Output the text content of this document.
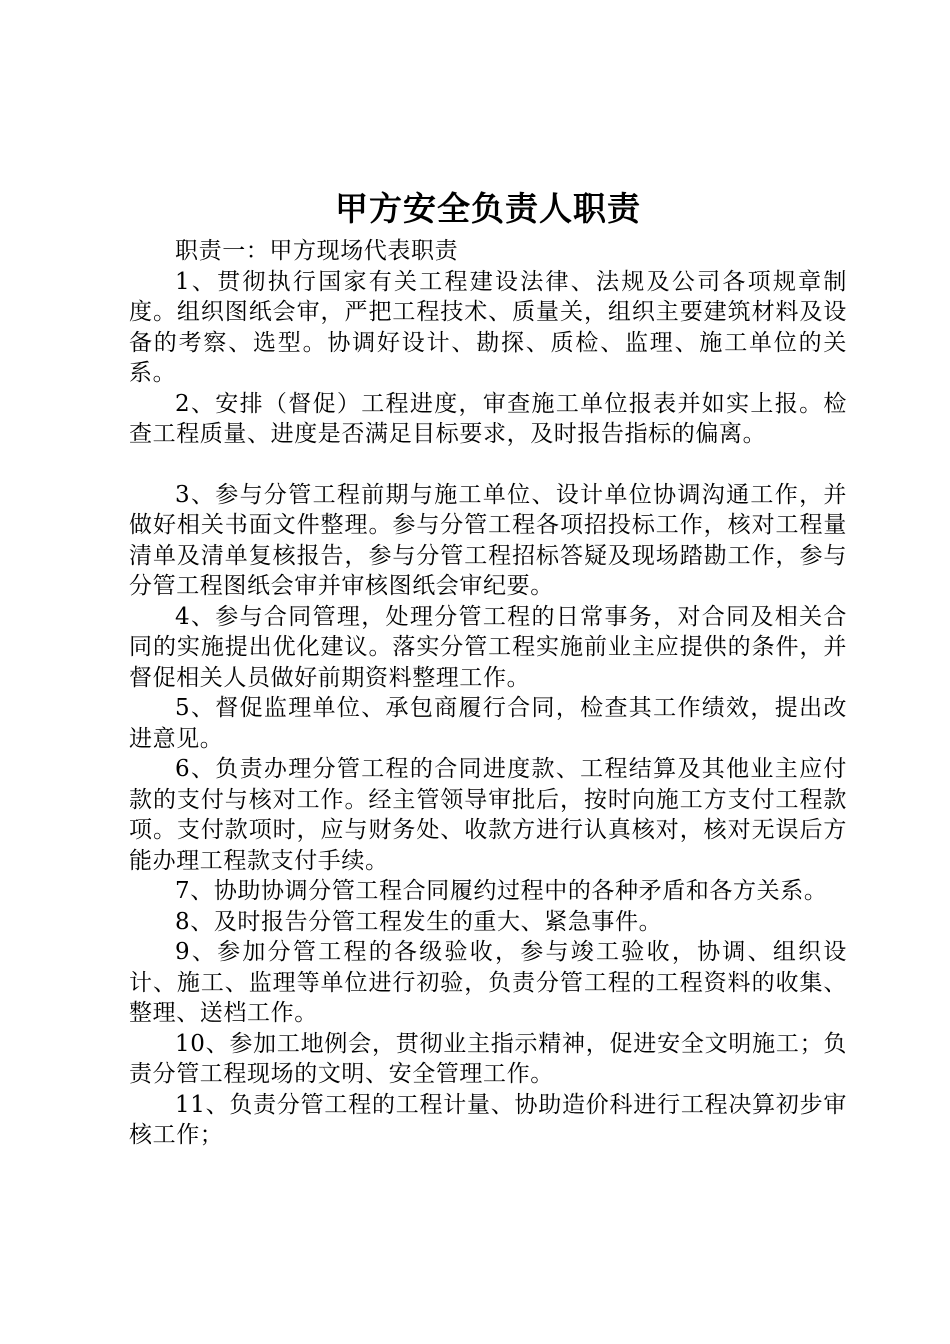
甲方安全负责人职责

职责一：甲方现场代表职责

1、贯彻执行国家有关工程建设法律、法规及公司各项规章制度。组织图纸会审，严把工程技术、质量关，组织主要建筑材料及设备的考察、选型。协调好设计、勘探、质检、监理、施工单位的关系。

2、安排（督促）工程进度，审查施工单位报表并如实上报。检查工程质量、进度是否满足目标要求，及时报告指标的偏离。

3、参与分管工程前期与施工单位、设计单位协调沟通工作，并做好相关书面文件整理。参与分管工程各项招投标工作，核对工程量清单及清单复核报告，参与分管工程招标答疑及现场踏勘工作，参与分管工程图纸会审并审核图纸会审纪要。

4、参与合同管理，处理分管工程的日常事务，对合同及相关合同的实施提出优化建议。落实分管工程实施前业主应提供的条件，并督促相关人员做好前期资料整理工作。

5、督促监理单位、承包商履行合同，检查其工作绩效，提出改进意见。

6、负责办理分管工程的合同进度款、工程结算及其他业主应付款的支付与核对工作。经主管领导审批后，按时向施工方支付工程款项。支付款项时，应与财务处、收款方进行认真核对，核对无误后方能办理工程款支付手续。

7、协助协调分管工程合同履约过程中的各种矛盾和各方关系。

8、及时报告分管工程发生的重大、紧急事件。

9、参加分管工程的各级验收，参与竣工验收，协调、组织设计、施工、监理等单位进行初验，负责分管工程的工程资料的收集、整理、送档工作。

10、参加工地例会，贯彻业主指示精神，促进安全文明施工；负责分管工程现场的文明、安全管理工作。

11、负责分管工程的工程计量、协助造价科进行工程决算初步审核工作；
